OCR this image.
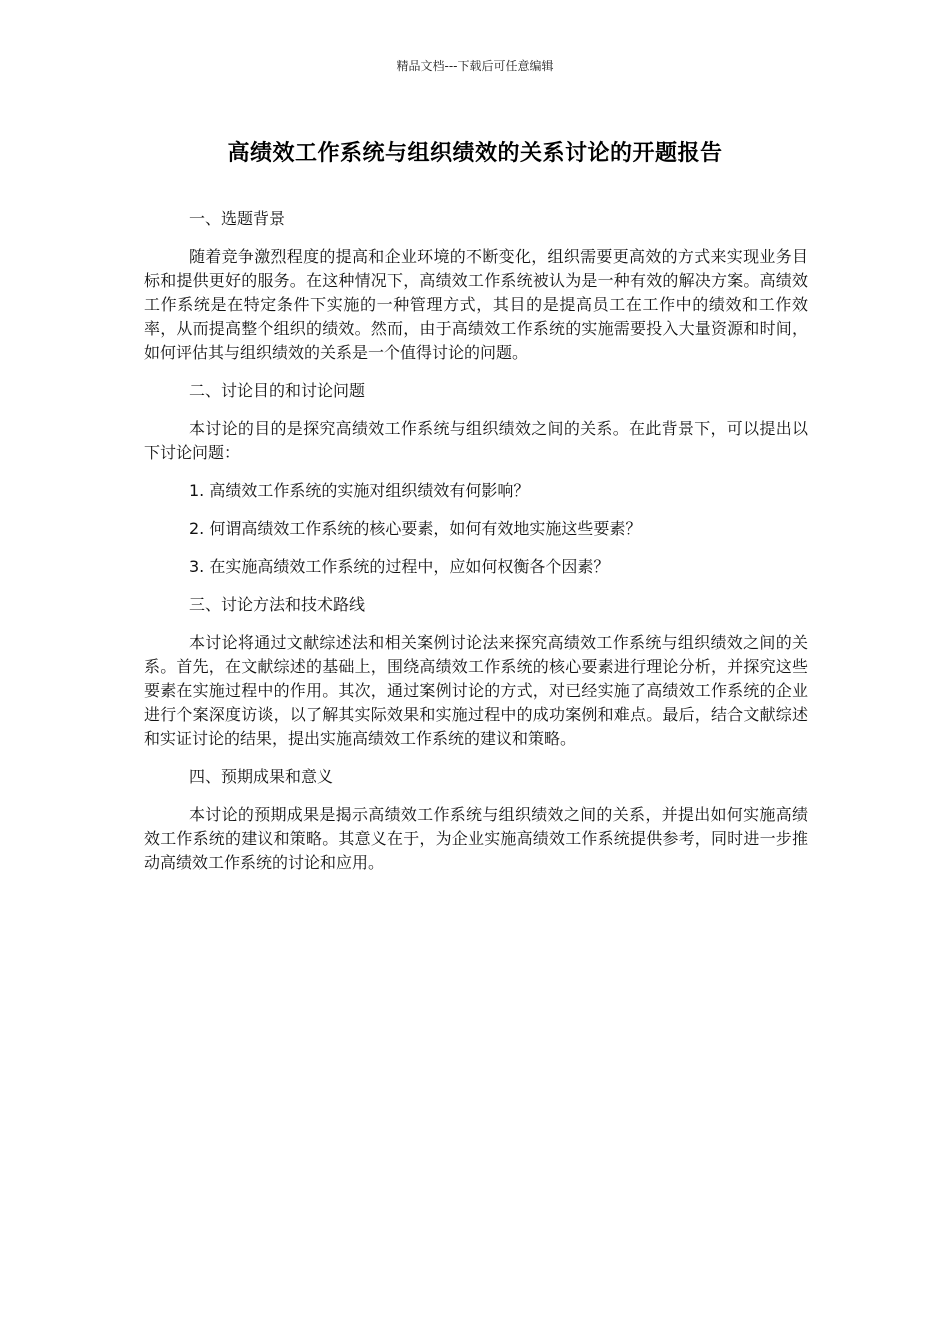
精品文档---下载后可任意编辑
高绩效工作系统与组织绩效的关系讨论的开题报告
一、选题背景
随着竞争激烈程度的提高和企业环境的不断变化，组织需要更高效的方式来实现业务目标和提供更好的服务。在这种情况下，高绩效工作系统被认为是一种有效的解决方案。高绩效工作系统是在特定条件下实施的一种管理方式，其目的是提高员工在工作中的绩效和工作效率，从而提高整个组织的绩效。然而，由于高绩效工作系统的实施需要投入大量资源和时间，如何评估其与组织绩效的关系是一个值得讨论的问题。
二、讨论目的和讨论问题
本讨论的目的是探究高绩效工作系统与组织绩效之间的关系。在此背景下，可以提出以下讨论问题：
1. 高绩效工作系统的实施对组织绩效有何影响？
2. 何谓高绩效工作系统的核心要素，如何有效地实施这些要素？
3. 在实施高绩效工作系统的过程中，应如何权衡各个因素？
三、讨论方法和技术路线
本讨论将通过文献综述法和相关案例讨论法来探究高绩效工作系统与组织绩效之间的关系。首先，在文献综述的基础上，围绕高绩效工作系统的核心要素进行理论分析，并探究这些要素在实施过程中的作用。其次，通过案例讨论的方式，对已经实施了高绩效工作系统的企业进行个案深度访谈，以了解其实际效果和实施过程中的成功案例和难点。最后，结合文献综述和实证讨论的结果，提出实施高绩效工作系统的建议和策略。
四、预期成果和意义
本讨论的预期成果是揭示高绩效工作系统与组织绩效之间的关系，并提出如何实施高绩效工作系统的建议和策略。其意义在于，为企业实施高绩效工作系统提供参考，同时进一步推动高绩效工作系统的讨论和应用。
